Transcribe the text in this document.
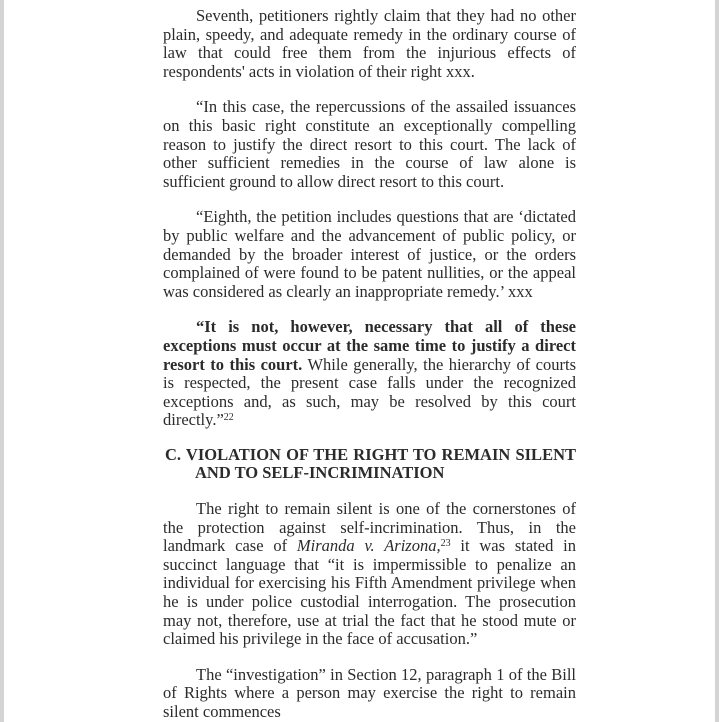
Seventh, petitioners rightly claim that they had no other plain, speedy, and adequate remedy in the ordinary course of law that could free them from the injurious effects of respondents' acts in violation of their right xxx.

“In this case, the repercussions of the assailed issuances on this basic right constitute an exceptionally compelling reason to justify the direct resort to this court. The lack of other sufficient remedies in the course of law alone is sufficient ground to allow direct resort to this court.

“Eighth, the petition includes questions that are ‘dictated by public welfare and the advancement of public policy, or demanded by the broader interest of justice, or the orders complained of were found to be patent nullities, or the appeal was considered as clearly an inappropriate remedy.’ xxx

“It is not, however, necessary that all of these exceptions must occur at the same time to justify a direct resort to this court. While generally, the hierarchy of courts is respected, the present case falls under the recognized exceptions and, as such, may be resolved by this court directly.”$^{22}$

C. VIOLATION OF THE RIGHT TO REMAIN SILENT AND TO SELF-INCRIMINATION

The right to remain silent is one of the cornerstones of the protection against self-incrimination. Thus, in the landmark case of Miranda v. Arizona,$^{23}$ it was stated in succinct language that “it is impermissible to penalize an individual for exercising his Fifth Amendment privilege when he is under police custodial interrogation. The prosecution may not, therefore, use at trial the fact that he stood mute or claimed his privilege in the face of accusation.”

The “investigation” in Section 12, paragraph 1 of the Bill of Rights where a person may exercise the right to remain silent commences
